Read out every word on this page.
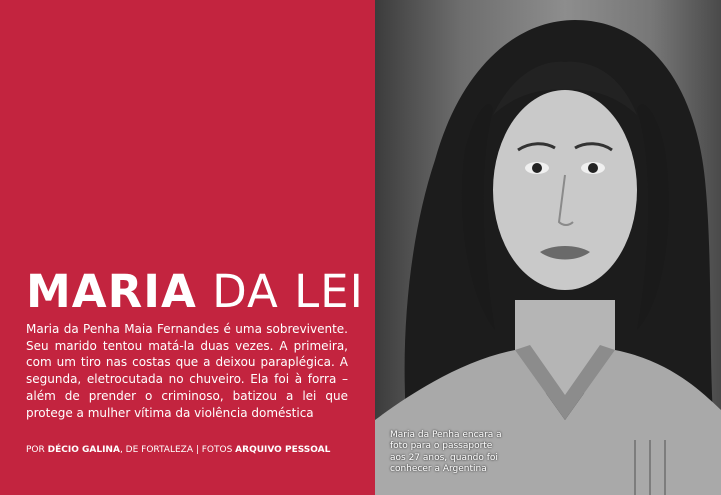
MARIA DA LEI

Maria da Penha Maia Fernandes é uma sobrevivente. Seu marido tentou matá-la duas vezes. A primeira, com um tiro nas costas que a deixou paraplégica. A segunda, eletrocutada no chuveiro. Ela foi à forra – além de prender o criminoso, batizou a lei que protege a mulher vítima da violência doméstica

POR DÉCIO GALINA, DE FORTALEZA | FOTOS ARQUIVO PESSOAL
Maria da Penha encara a foto para o passaporte aos 27 anos, quando foi conhecer a Argentina
